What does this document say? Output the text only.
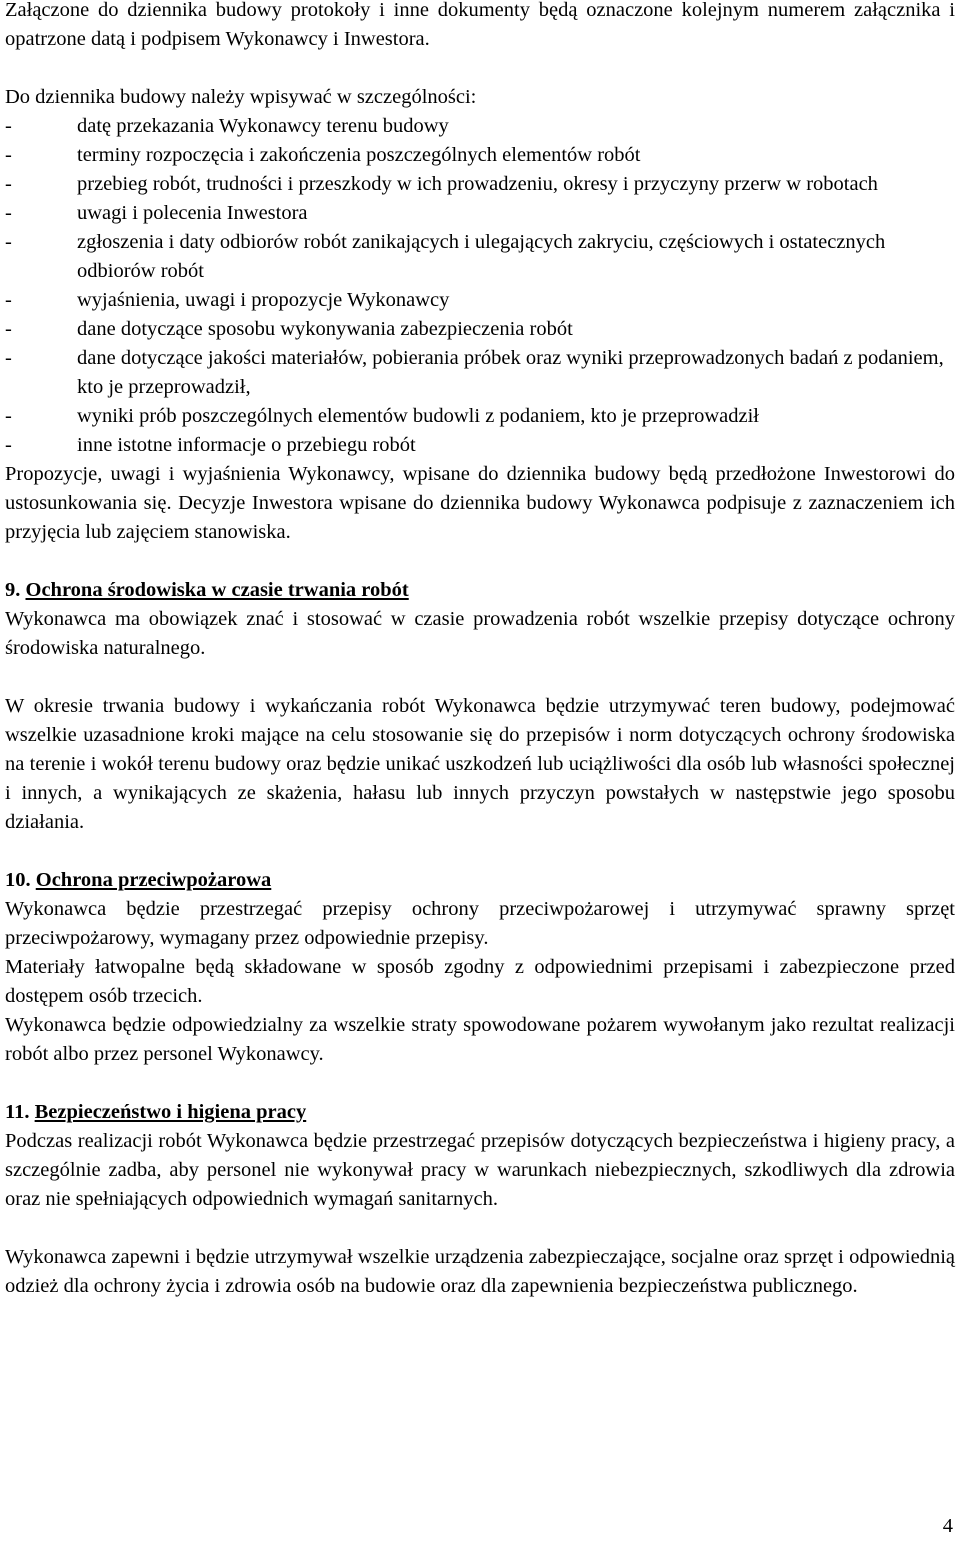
Załączone do dziennika budowy protokoły i inne dokumenty będą oznaczone kolejnym numerem załącznika i opatrzone datą i podpisem Wykonawcy i Inwestora.

Do dziennika budowy należy wpisywać w szczególności:

-	datę przekazania Wykonawcy terenu budowy
-	terminy rozpoczęcia i zakończenia poszczególnych elementów robót
-	przebieg robót, trudności i przeszkody w ich prowadzeniu, okresy i przyczyny przerw w robotach
-	uwagi i polecenia Inwestora
-	zgłoszenia i daty odbiorów robót zanikających i ulegających zakryciu, częściowych i ostatecznych odbiorów robót
-	wyjaśnienia, uwagi i propozycje Wykonawcy
-	dane dotyczące sposobu wykonywania zabezpieczenia robót
-	dane dotyczące jakości materiałów, pobierania próbek oraz wyniki przeprowadzonych badań z podaniem, kto je przeprowadził,
-	wyniki prób poszczególnych elementów budowli z podaniem, kto je przeprowadził
-	inne istotne informacje o przebiegu robót

Propozycje, uwagi i wyjaśnienia Wykonawcy, wpisane do dziennika budowy będą przedłożone Inwestorowi do ustosunkowania się. Decyzje Inwestora wpisane do dziennika budowy Wykonawca podpisuje z zaznaczeniem ich przyjęcia lub zajęciem stanowiska.

9. Ochrona środowiska w czasie trwania robót

Wykonawca ma obowiązek znać i stosować w czasie prowadzenia robót wszelkie przepisy dotyczące ochrony środowiska naturalnego.

W okresie trwania budowy i wykańczania robót Wykonawca będzie utrzymywać teren budowy, podejmować wszelkie uzasadnione kroki mające na celu stosowanie się do przepisów i norm dotyczących ochrony środowiska na terenie i wokół terenu budowy oraz będzie unikać uszkodzeń lub uciążliwości dla osób lub własności społecznej i innych, a wynikających ze skażenia, hałasu lub innych przyczyn powstałych w następstwie jego sposobu działania.

10. Ochrona przeciwpożarowa

Wykonawca będzie przestrzegać przepisy ochrony przeciwpożarowej i utrzymywać sprawny sprzęt przeciwpożarowy, wymagany przez odpowiednie przepisy.

Materiały łatwopalne będą składowane w sposób zgodny z odpowiednimi przepisami i zabezpieczone przed dostępem osób trzecich.

Wykonawca będzie odpowiedzialny za wszelkie straty spowodowane pożarem wywołanym jako rezultat realizacji robót albo przez personel Wykonawcy.

11. Bezpieczeństwo i higiena pracy

Podczas realizacji robót Wykonawca będzie przestrzegać przepisów dotyczących bezpieczeństwa i higieny pracy, a szczególnie zadba, aby personel nie wykonywał pracy w warunkach niebezpiecznych, szkodliwych dla zdrowia oraz nie spełniających odpowiednich wymagań sanitarnych.

Wykonawca zapewni i będzie utrzymywał wszelkie urządzenia zabezpieczające, socjalne oraz sprzęt i odpowiednią odzież dla ochrony życia i zdrowia osób na budowie oraz dla zapewnienia bezpieczeństwa publicznego.

4
